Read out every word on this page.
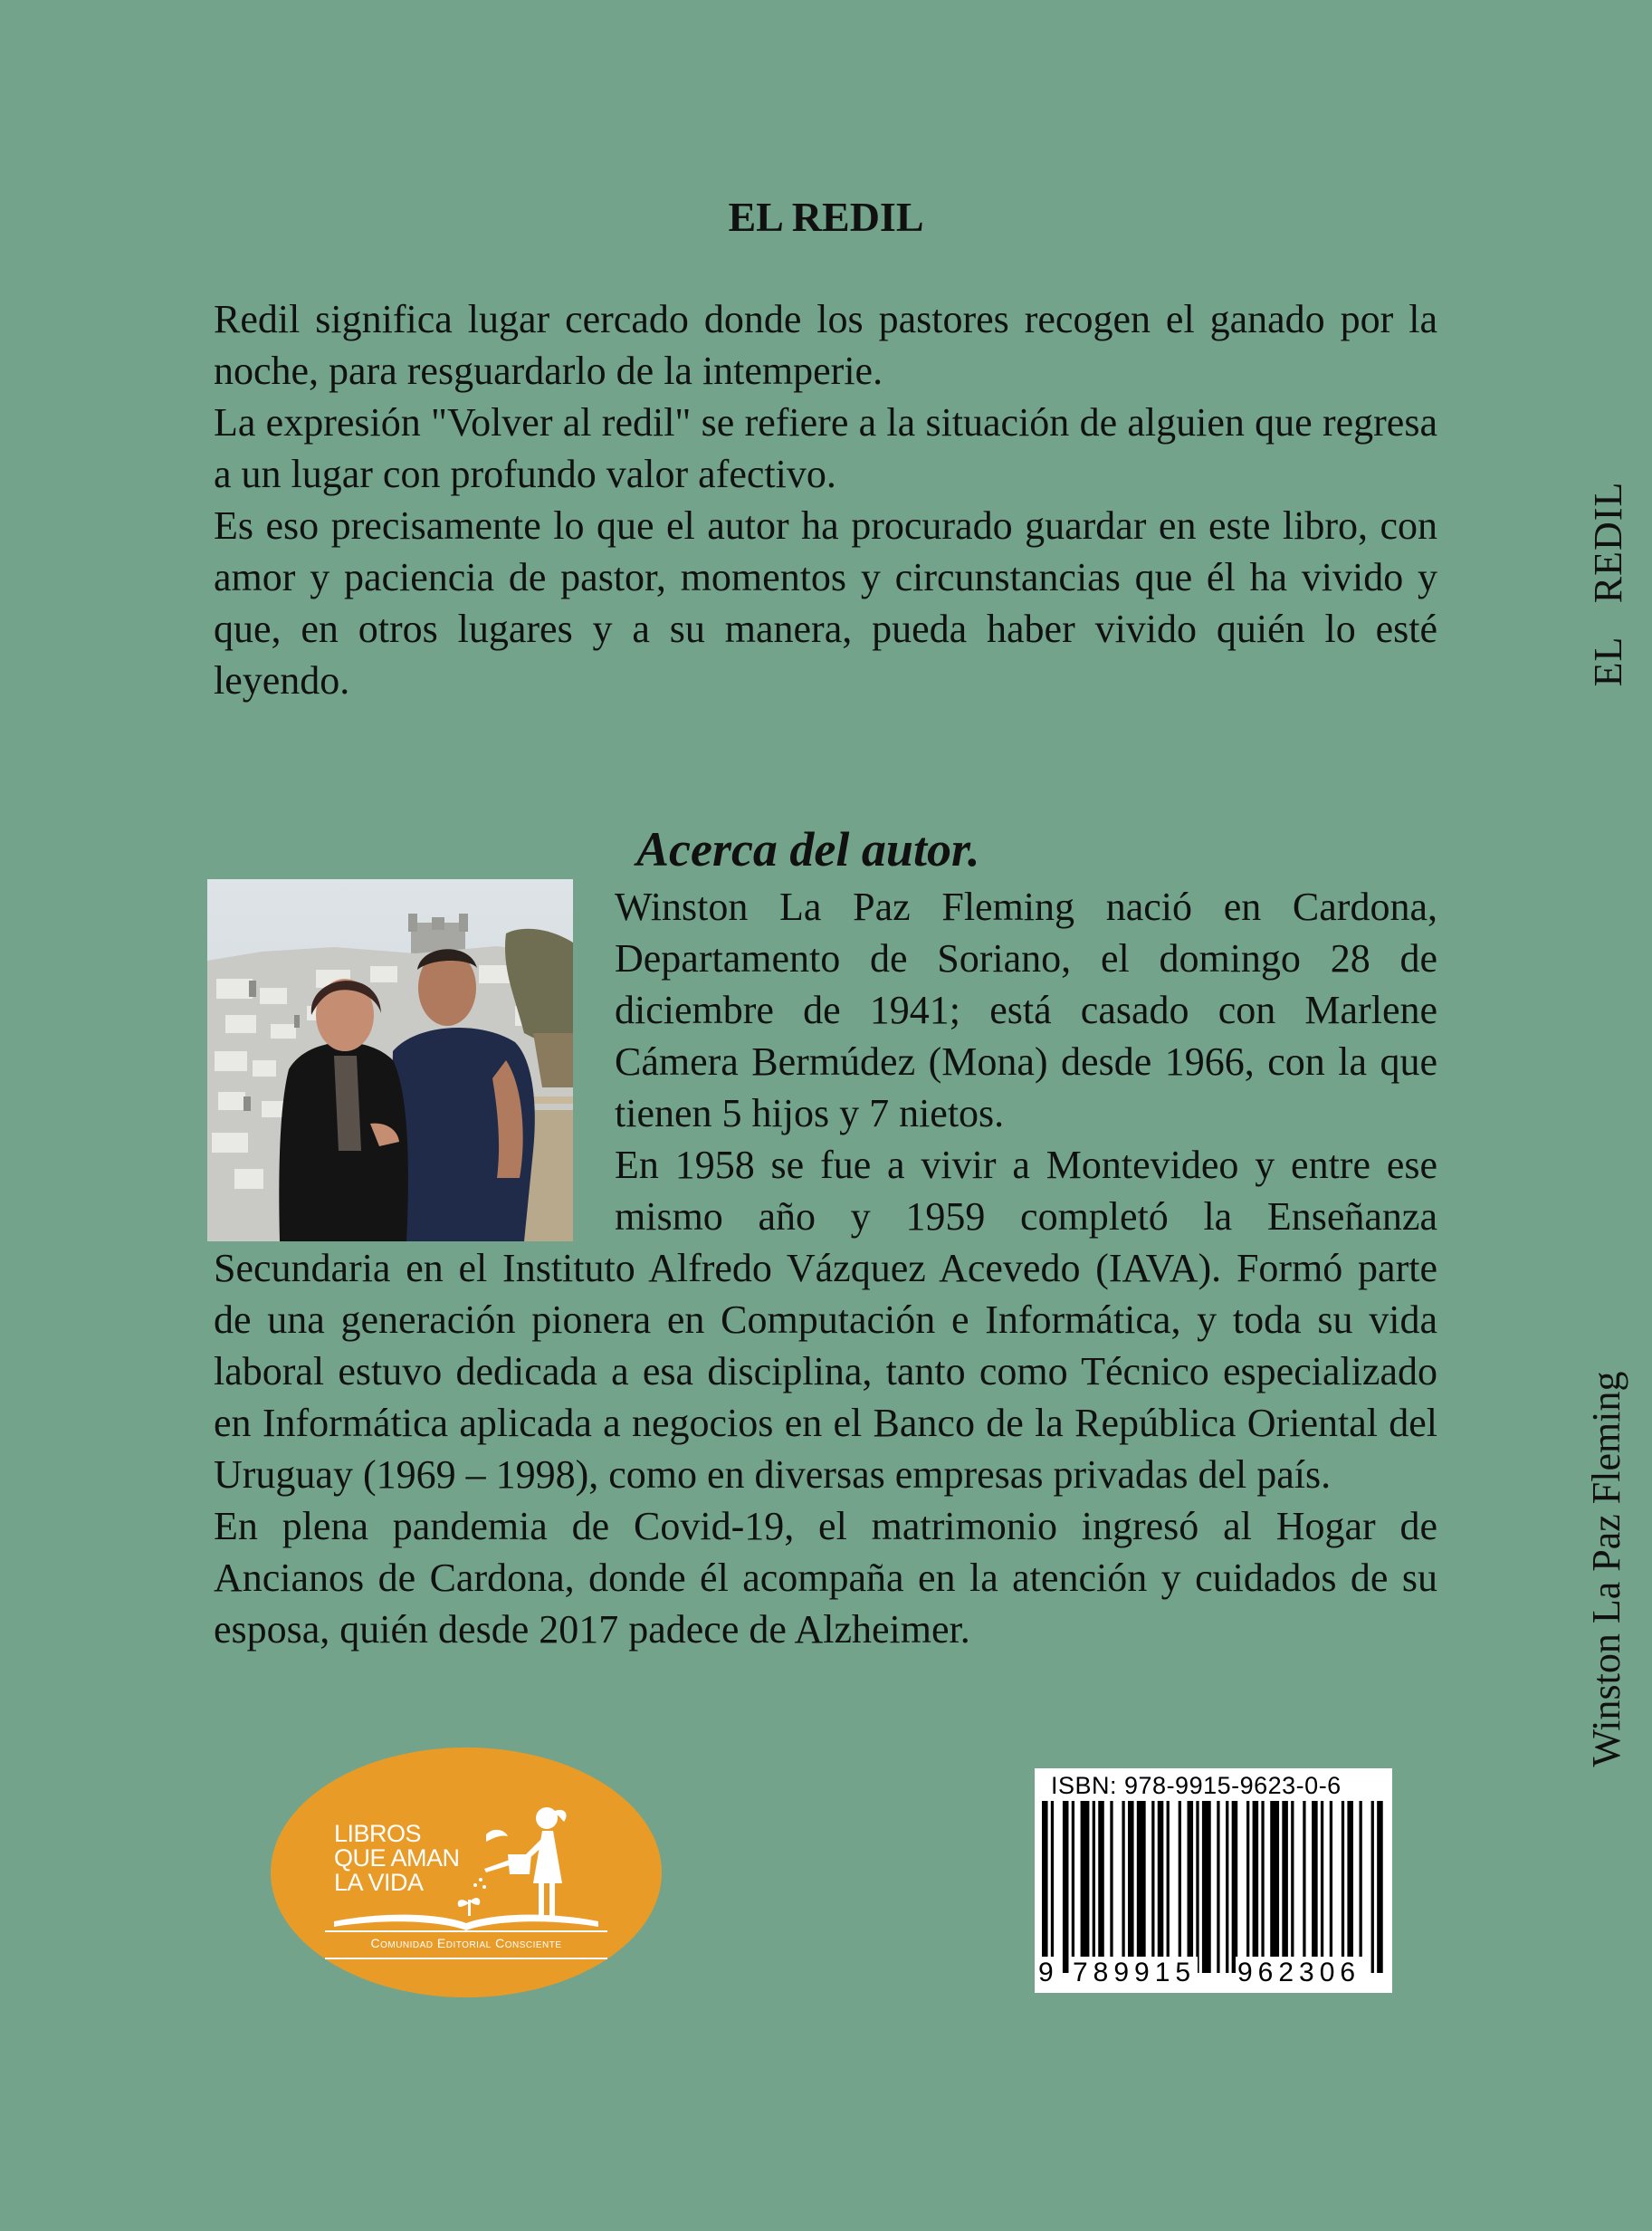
EL REDIL

Redil significa lugar cercado donde los pastores recogen el ganado por la noche, para resguardarlo de la intemperie.

La expresión "Volver al redil" se refiere a la situación de alguien que regresa a un lugar con profundo valor afectivo.

Es eso precisamente lo que el autor ha procurado guardar en este libro, con amor y paciencia de pastor, momentos y circunstancias que él ha vivido y que, en otros lugares y a su manera, pueda haber vivido quién lo esté leyendo.

Acerca del autor.

Winston La Paz Fleming nació en Cardona, Departamento de Soriano, el domingo 28 de diciembre de 1941; está casado con Marlene Cámera Bermúdez (Mona) desde 1966, con la que tienen 5 hijos y 7 nietos.

En 1958 se fue a vivir a Montevideo y entre ese mismo año y 1959 completó la Enseñanza Secundaria en el Instituto Alfredo Vázquez Acevedo (IAVA). Formó parte de una generación pionera en Computación e Informática, y toda su vida laboral estuvo dedicada a esa disciplina, tanto como Técnico especializado en Informática aplicada a negocios en el Banco de la República Oriental del Uruguay (1969 – 1998), como en diversas empresas privadas del país.

En plena pandemia de Covid-19, el matrimonio ingresó al Hogar de Ancianos de Cardona, donde él acompaña en la atención y cuidados de su esposa, quién desde 2017 padece de Alzheimer.

EL REDIL
Winston La Paz Fleming
LIBROS
QUE AMAN
LA VIDA
Comunidad Editorial Consciente
ISBN: 978-9915-9623-0-6
9 789915 962306
